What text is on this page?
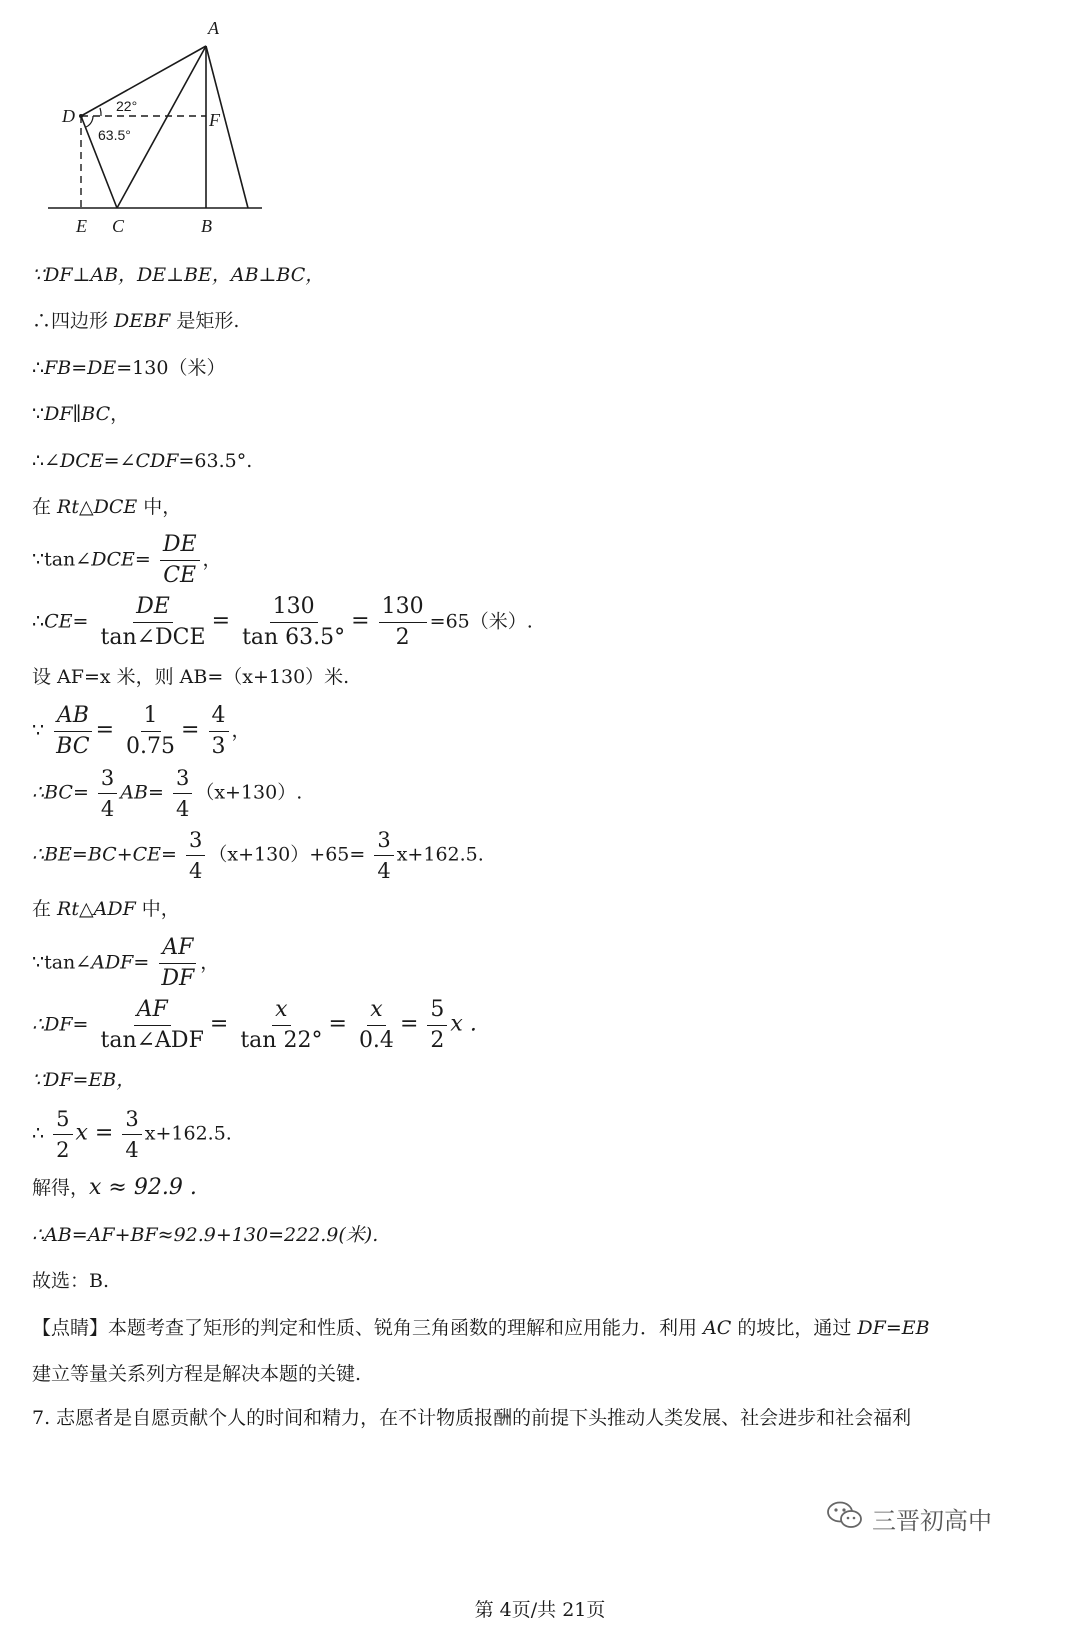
A
D	F
E C	B
22°
63.5°
∵DF⊥AB，DE⊥BE，AB⊥BC，
∴四边形 DEBF 是矩形.
∴FB=DE=130（米）
∵DF∥BC，
∴∠DCE=∠CDF=63.5°.
在 Rt△DCE 中，
∵tan∠DCE= $\frac{DE}{CE}$ ，
∴CE= $\frac{DE}{\text{tan∠DCE}} = \frac{130}{\tan 63.5^\circ} = \frac{130}{2} =65$（米）.
设 AF=x 米，则 AB=（x+130）米.
∵ $\frac{AB}{BC} = \frac{1}{0.75} = \frac{4}{3}$ ，
∴BC= $\frac{3}{4} AB= \frac{3}{4} (x+130)$.
∴BE=BC+CE= $\frac{3}{4} (x+130)+65= \frac{3}{4} x+162.5$.
在 Rt△ADF 中，
∵tan∠ADF= $\frac{AF}{DF}$ ，
∴DF= $\frac{AF}{\text{tan∠ADF}} = \frac{x}{\tan 22^\circ} = \frac{x}{0.4} = \frac{5}{2}$ x .
∵DF=EB，
∴ $\frac{5}{2}$ $x = \frac{3}{4} x+162.5$.
解得，x ≈ 92.9 .
∴AB=AF+BF≈92.9+130=222.9(米).
故选：B.
【点睛】本题考查了矩形的判定和性质、锐角三角函数的理解和应用能力．利用 AC 的坡比，通过 DF=EB
建立等量关系列方程是解决本题的关键.
7. 志愿者是自愿贡献个人的时间和精力，在不计物质报酬的前提下头推动人类发展、社会进步和社会福利
三晋初高中
第 4页/共 21页
